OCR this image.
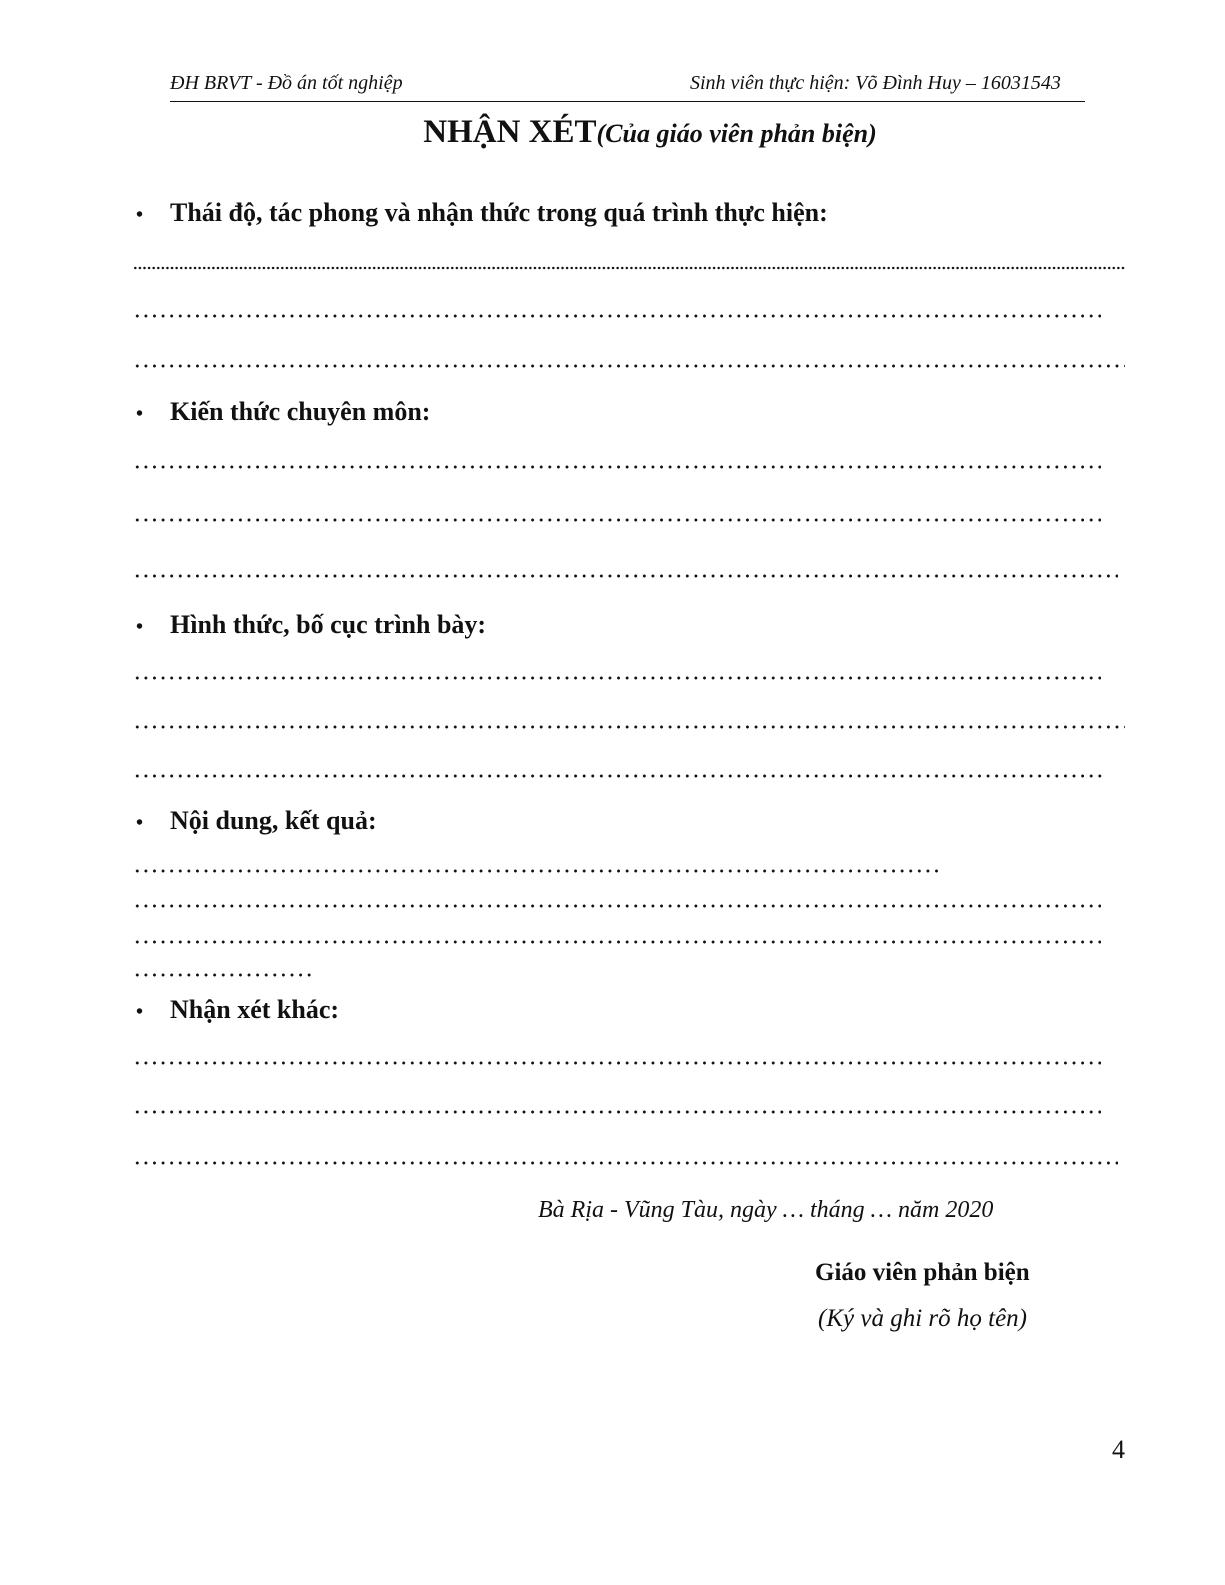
ĐH BRVT - Đồ án tốt nghiệp	Sinh viên thực hiện: Võ Đình Huy – 16031543
NHẬN XÉT(Của giáo viên phản biện)
• Thái độ, tác phong và nhận thức trong quá trình thực hiện:
• Kiến thức chuyên môn:
• Hình thức, bố cục trình bày:
• Nội dung, kết quả:
• Nhận xét khác:
Bà Rịa - Vũng Tàu, ngày … tháng … năm 2020
Giáo viên phản biện
(Ký và ghi rõ họ tên)
4
